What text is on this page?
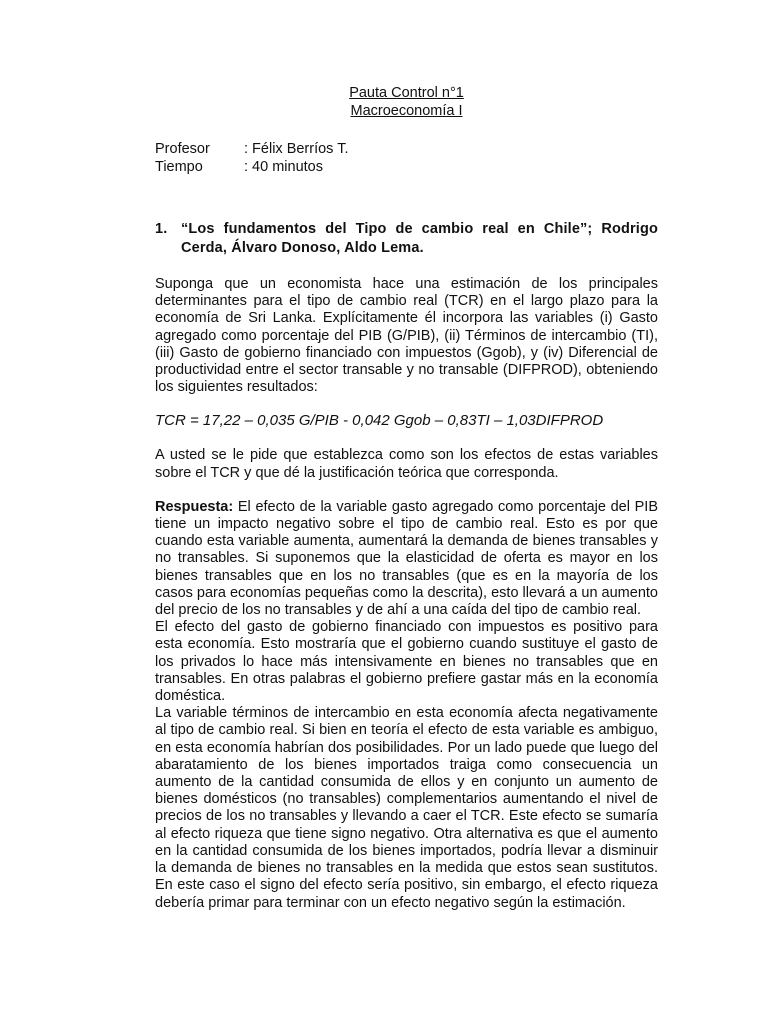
Pauta Control n°1

Macroeconomía I

Profesor	: Félix Berríos T.
Tiempo	: 40 minutos
1. “Los fundamentos del Tipo de cambio real en Chile”; Rodrigo Cerda, Álvaro Donoso, Aldo Lema.

Suponga que un economista hace una estimación de los principales determinantes para el tipo de cambio real (TCR) en el largo plazo para la economía de Sri Lanka. Explícitamente él incorpora las variables (i) Gasto agregado como porcentaje del PIB (G/PIB), (ii) Términos de intercambio (TI), (iii) Gasto de gobierno financiado con impuestos (Ggob), y (iv) Diferencial de productividad entre el sector transable y no transable (DIFPROD), obteniendo los siguientes resultados:

TCR = 17,22 – 0,035 G/PIB - 0,042 Ggob – 0,83TI – 1,03DIFPROD

A usted se le pide que establezca como son los efectos de estas variables sobre el TCR y que dé la justificación teórica que corresponda.

Respuesta: El efecto de la variable gasto agregado como porcentaje del PIB tiene un impacto negativo sobre el tipo de cambio real. Esto es por que cuando esta variable aumenta, aumentará la demanda de bienes transables y no transables. Si suponemos que la elasticidad de oferta es mayor en los bienes transables que en los no transables (que es en la mayoría de los casos para economías pequeñas como la descrita), esto llevará a un aumento del precio de los no transables y de ahí a una caída del tipo de cambio real.

El efecto del gasto de gobierno financiado con impuestos es positivo para esta economía. Esto mostraría que el gobierno cuando sustituye el gasto de los privados lo hace más intensivamente en bienes no transables que en transables. En otras palabras el gobierno prefiere gastar más en la economía doméstica.

La variable términos de intercambio en esta economía afecta negativamente al tipo de cambio real. Si bien en teoría el efecto de esta variable es ambiguo, en esta economía habrían dos posibilidades. Por un lado puede que luego del abaratamiento de los bienes importados traiga como consecuencia un aumento de la cantidad consumida de ellos y en conjunto un aumento de bienes domésticos (no transables) complementarios aumentando el nivel de precios de los no transables y llevando a caer el TCR. Este efecto se sumaría al efecto riqueza que tiene signo negativo. Otra alternativa es que el aumento en la cantidad consumida de los bienes importados, podría llevar a disminuir la demanda de bienes no transables en la medida que estos sean sustitutos. En este caso el signo del efecto sería positivo, sin embargo, el efecto riqueza debería primar para terminar con un efecto negativo según la estimación.
